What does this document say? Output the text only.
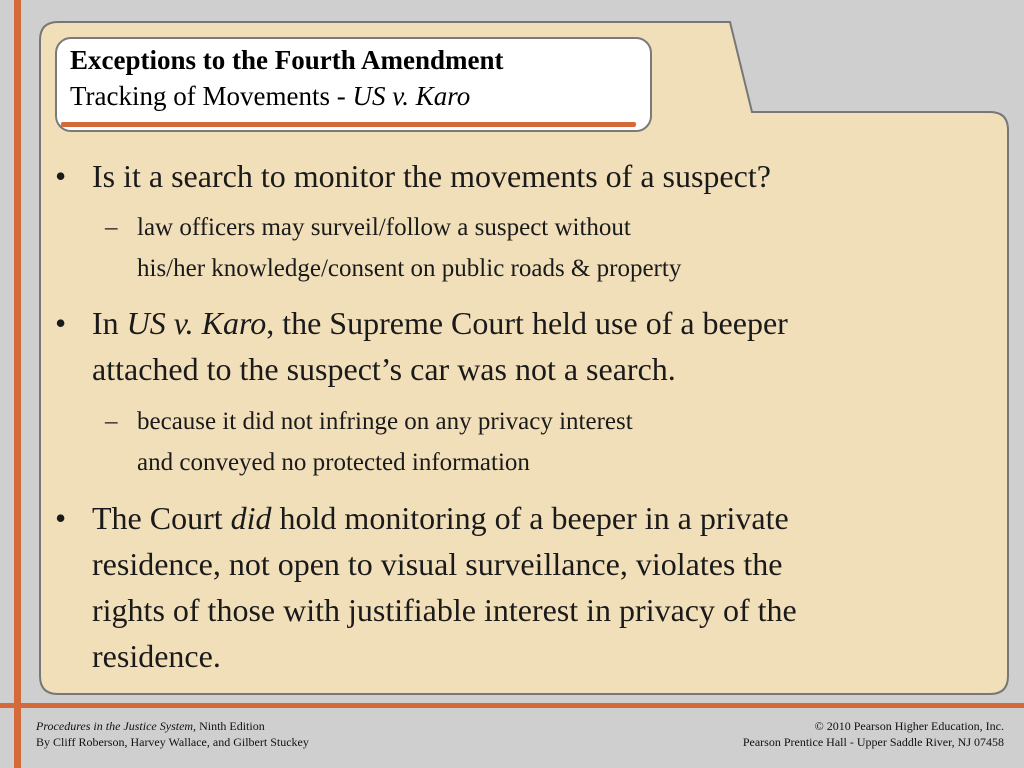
Exceptions to the Fourth Amendment
Tracking of Movements - US v. Karo
• Is it a search to monitor the movements of a suspect?
– law officers may surveil/follow a suspect without
his/her knowledge/consent on public roads & property
• In US v. Karo, the Supreme Court held use of a beeper
attached to the suspect’s car was not a search.
– because it did not infringe on any privacy interest
and conveyed no protected information
• The Court did hold monitoring of a beeper in a private
residence, not open to visual surveillance, violates the
rights of those with justifiable interest in privacy of the
residence.
Procedures in the Justice System, Ninth Edition
By Cliff Roberson, Harvey Wallace, and Gilbert Stuckey
© 2010 Pearson Higher Education, Inc.
Pearson Prentice Hall - Upper Saddle River, NJ 07458
